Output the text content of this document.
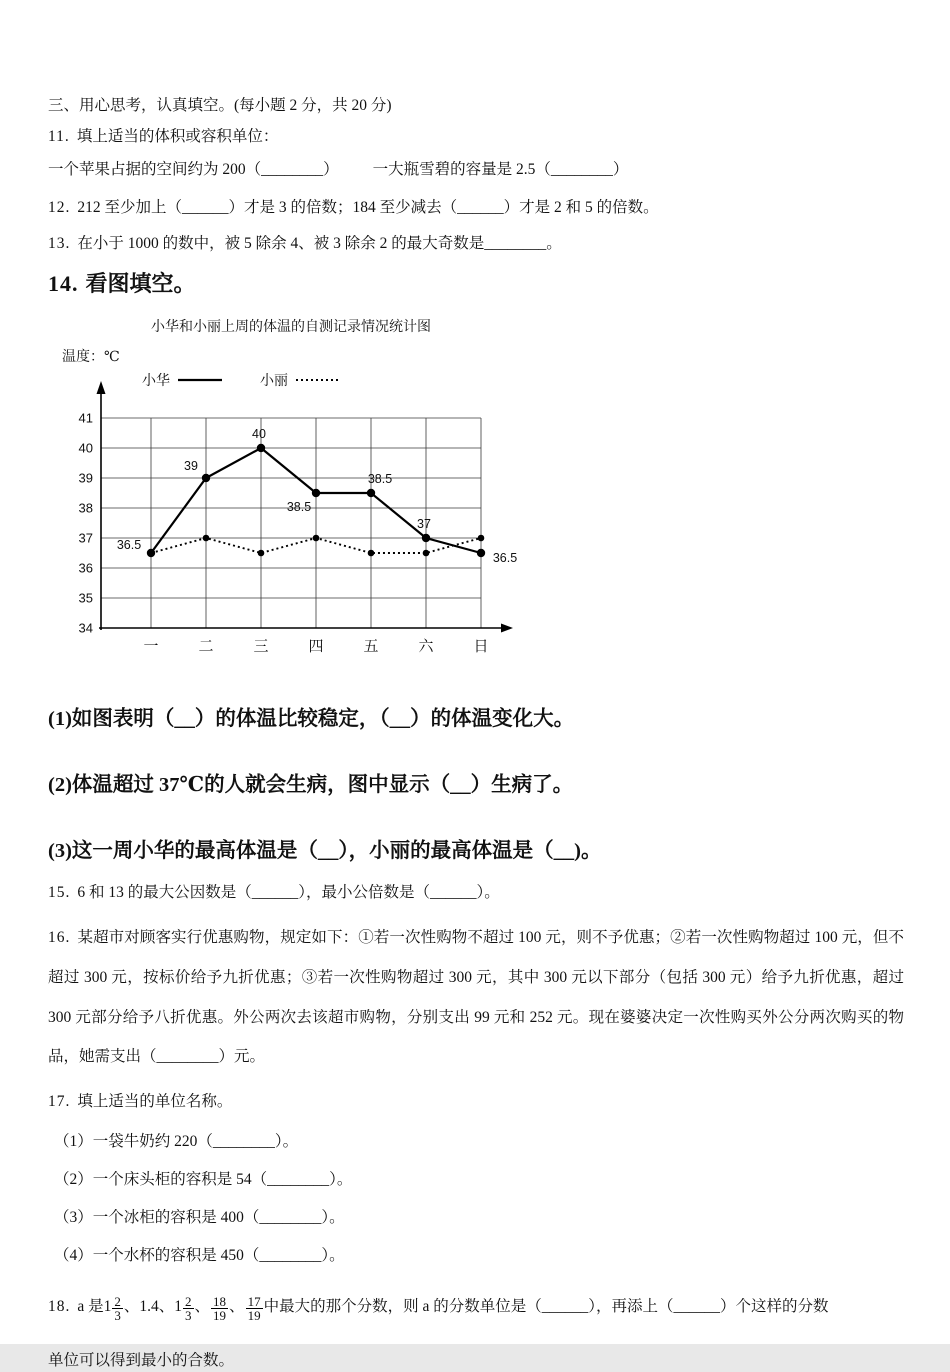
三、用心思考，认真填空。(每小题 2 分，共 20 分)

11. 填上适当的体积或容积单位：

一个苹果占据的空间约为 200（________） 一大瓶雪碧的容量是 2.5（________）

12. 212 至少加上（______）才是 3 的倍数；184 至少减去（______）才是 2 和 5 的倍数。

13. 在小于 1000 的数中，被 5 除余 4、被 3 除余 2 的最大奇数是________。

14. 看图填空。

小华和小丽上周的体温的自测记录情况统计图
温度：℃
41
40
39
38
37
36
35
34
一	二	三	四	五	六	日
小华	小丽
36.5
39
40
38.5
38.5
37
36.5

(1)如图表明（__）的体温比较稳定，（__）的体温变化大。

(2)体温超过 37℃的人就会生病，图中显示（__）生病了。

(3)这一周小华的最高体温是（__），小丽的最高体温是（__)。

15. 6 和 13 的最大公因数是（______），最小公倍数是（______）。

16. 某超市对顾客实行优惠购物，规定如下：①若一次性购物不超过 100 元，则不予优惠；②若一次性购物超过 100 元，但不超过 300 元，按标价给予九折优惠；③若一次性购物超过 300 元，其中 300 元以下部分（包括 300 元）给予九折优惠，超过 300 元部分给予八折优惠。外公两次去该超市购物，分别支出 99 元和 252 元。现在婆婆决定一次性购买外公分两次购买的物品，她需支出（________）元。

17. 填上适当的单位名称。

（1）一袋牛奶约 220（________）。

（2）一个床头柜的容积是 54（________）。

（3）一个冰柜的容积是 400（________）。

（4）一个水杯的容积是 450（________）。

18. a 是$1 \frac{2}{3}$ 、1.4、$1 \frac{2}{3}$ 、 $\frac{18}{19}$ 、 $\frac{17}{19}$ 中最大的那个分数，则 a 的分数单位是（______），再添上（______）个这样的分数

单位可以得到最小的合数。
